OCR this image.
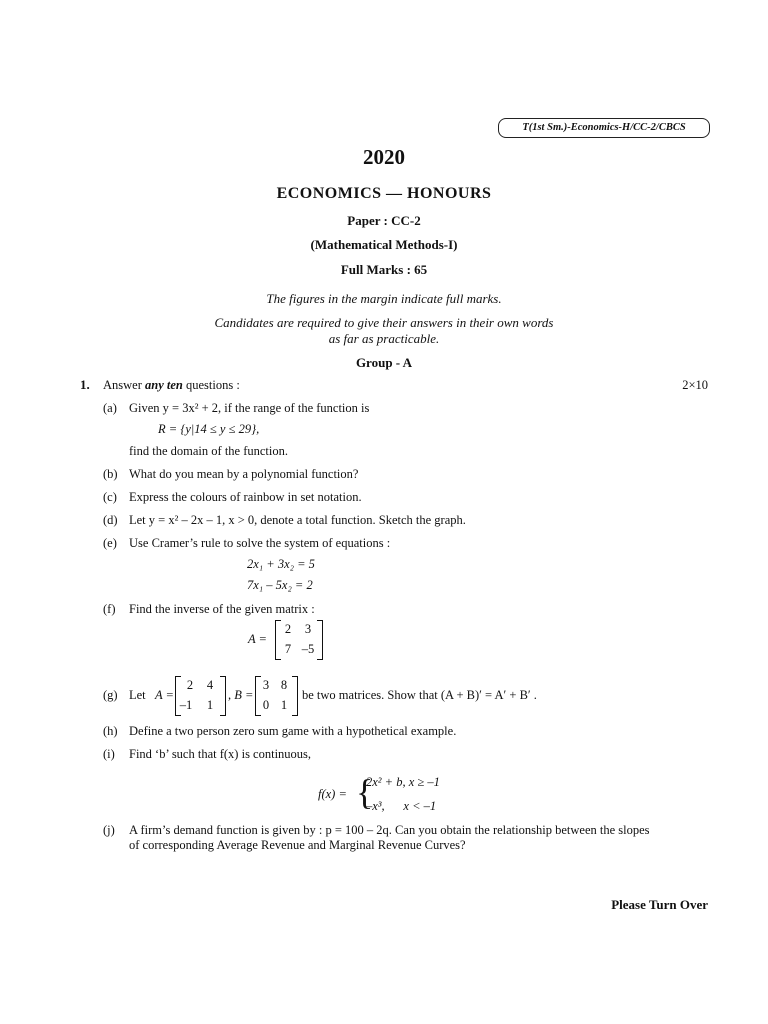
T(1st Sm.)-Economics-H/CC-2/CBCS
2020
ECONOMICS — HONOURS
Paper : CC-2
(Mathematical Methods-I)
Full Marks : 65
The figures in the margin indicate full marks.
Candidates are required to give their answers in their own words
as far as practicable.
Group - A
1. Answer any ten questions :	2×10
(a) Given y = 3x² + 2, if the range of the function is
R = {y|14 ≤ y ≤ 29},
find the domain of the function.
(b) What do you mean by a polynomial function?
(c) Express the colours of rainbow in set notation.
(d) Let y = x² – 2x – 1, x > 0, denote a total function. Sketch the graph.
(e) Use Cramer’s rule to solve the system of equations :
2x₁ + 3x₂ = 5
7x₁ – 5x₂ = 2
(f) Find the inverse of the given matrix :
A =
2	3
7 –5
(g) Let A =
2	4
–1	1
, B =
3 8
0 1
be two matrices. Show that (A + B)′ = A′ + B′ .
(h) Define a two person zero sum game with a hypothetical example.
(i) Find ‘b’ such that f(x) is continuous,
f(x) = {
2x² + b, x ≥ –1
–x³,      x < –1
(j) A firm’s demand function is given by : p = 100 – 2q. Can you obtain the relationship between the slopes
of corresponding Average Revenue and Marginal Revenue Curves?
Please Turn Over
